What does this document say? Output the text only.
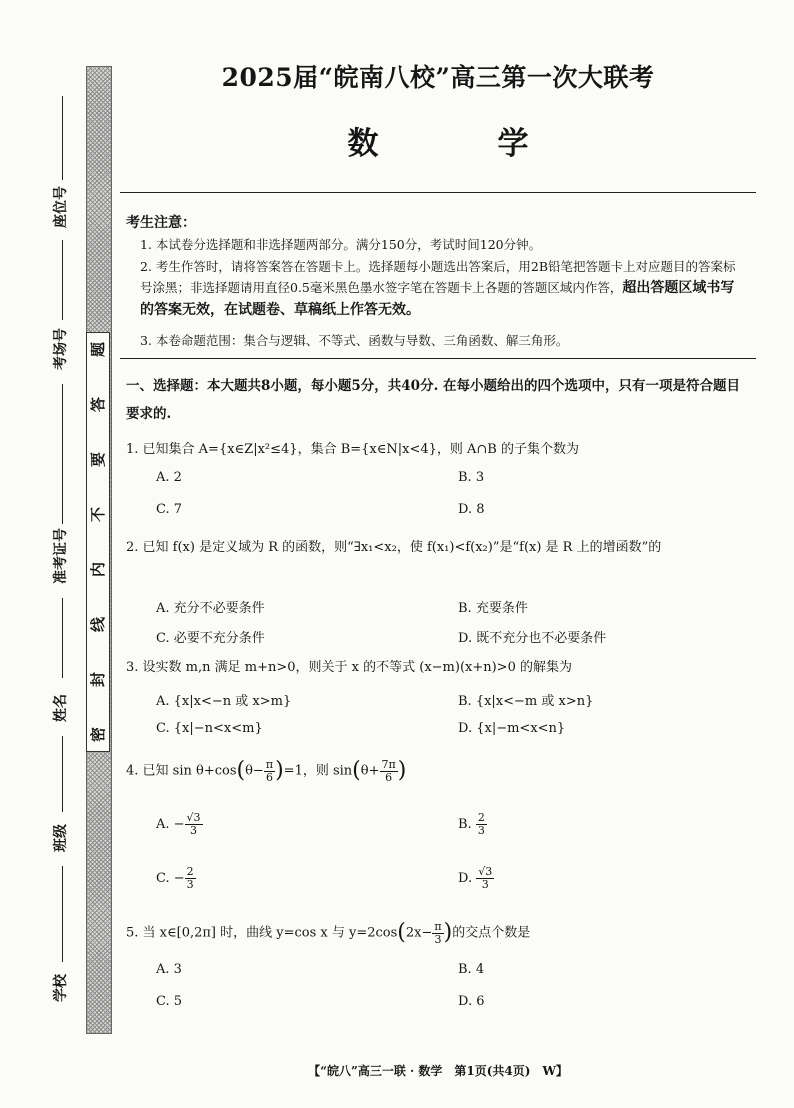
题
答
要
不
内
线
封
密
座位号
考场号
准考证号
姓名
班级
学校
2025届“皖南八校”高三第一次大联考
数　学
考生注意：
1. 本试卷分选择题和非选择题两部分。满分150分，考试时间120分钟。
2. 考生作答时，请将答案答在答题卡上。选择题每小题选出答案后，用2B铅笔把答题卡上对应题目的答案标号涂黑；非选择题请用直径0.5毫米黑色墨水签字笔在答题卡上各题的答题区域内作答，超出答题区域书写的答案无效，在试题卷、草稿纸上作答无效。
3. 本卷命题范围：集合与逻辑、不等式、函数与导数、三角函数、解三角形。
一、选择题：本大题共8小题，每小题5分，共40分. 在每小题给出的四个选项中，只有一项是符合题目要求的.
1. 已知集合 A={x∈Z|x²≤4}，集合 B={x∈N|x<4}，则 A∩B 的子集个数为
A. 2	B. 3
C. 7	D. 8
2. 已知 f(x) 是定义域为 R 的函数，则“∃x₁<x₂，使 f(x₁)<f(x₂)”是“f(x) 是 R 上的增函数”的
A. 充分不必要条件	B. 充要条件
C. 必要不充分条件	D. 既不充分也不必要条件
3. 设实数 m,n 满足 m+n>0，则关于 x 的不等式 (x−m)(x+n)>0 的解集为
A. {x|x<−n 或 x>m}	B. {x|x<−m 或 x>n}
C. {x|−n<x<m}	D. {x|−m<x<n}
4. 已知 $\sin \theta+\cos(\theta- \frac{\pi}{6} )=1$，则 $\sin(\theta+ \frac{7\pi}{6}$ )
A. − $\frac{√3}{3}$	B. $\frac{2}{3}$
C. − $\frac{2}{3}$	D. $\frac{√3}{3}$
5. 当 x∈[0,2π] 时，曲线 y=cos x 与 $y=2\cos(2x- \frac{\pi}{3}$ )的交点个数是
A. 3	B. 4
C. 5	D. 6
【“皖八”高三一联 · 数学　第1页(共4页)　W】
